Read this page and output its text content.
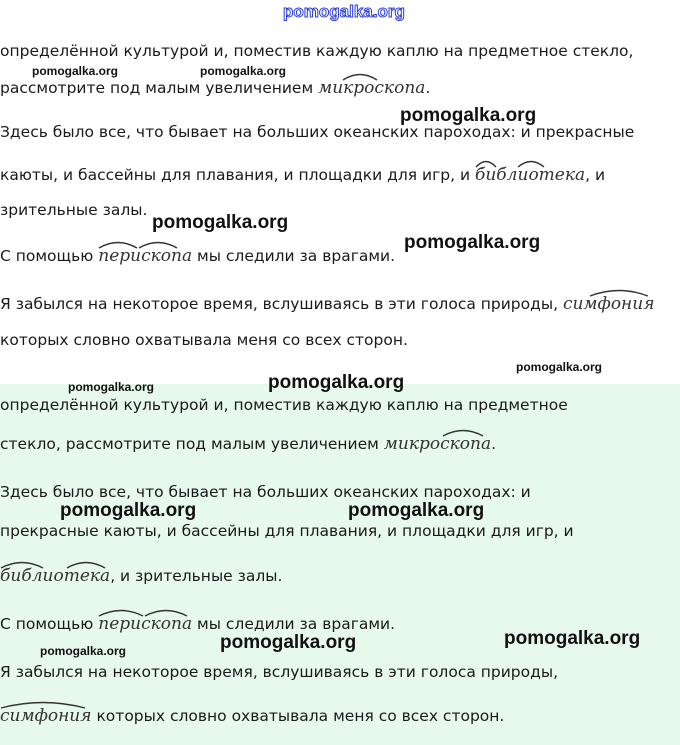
pomogalka.org
pomogalka.org	pomogalka.org
pomogalka.org
pomogalka.org
pomogalka.org
pomogalka.org
pomogalka.org	pomogalka.org
pomogalka.org	pomogalka.org
pomogalka.org	pomogalka.org
pomogalka.org
определённой культурой и, поместив каждую каплю на предметное стекло,
рассмотрите под малым увеличением
микроскопа.
Здесь было все, что бывает на больших океанских пароходах: и прекрасные
каюты, и бассейны для плавания, и площадки для игр, и
библиотека, и
зрительные залы.
С помощью
перископа мы следили за врагами.
Я забылся на некоторое время, вслушиваясь в эти голоса природы,
симфония
которых словно охватывала меня со всех сторон.
определённой культурой и, поместив каждую каплю на предметное
стекло, рассмотрите под малым увеличением
микроскопа.
Здесь было все, что бывает на больших океанских пароходах: и
прекрасные каюты, и бассейны для плавания, и площадки для игр, и
библиотека, и зрительные залы.
С помощью
перископа мы следили за врагами.
Я забылся на некоторое время, вслушиваясь в эти голоса природы,
симфония которых словно охватывала меня со всех сторон.
